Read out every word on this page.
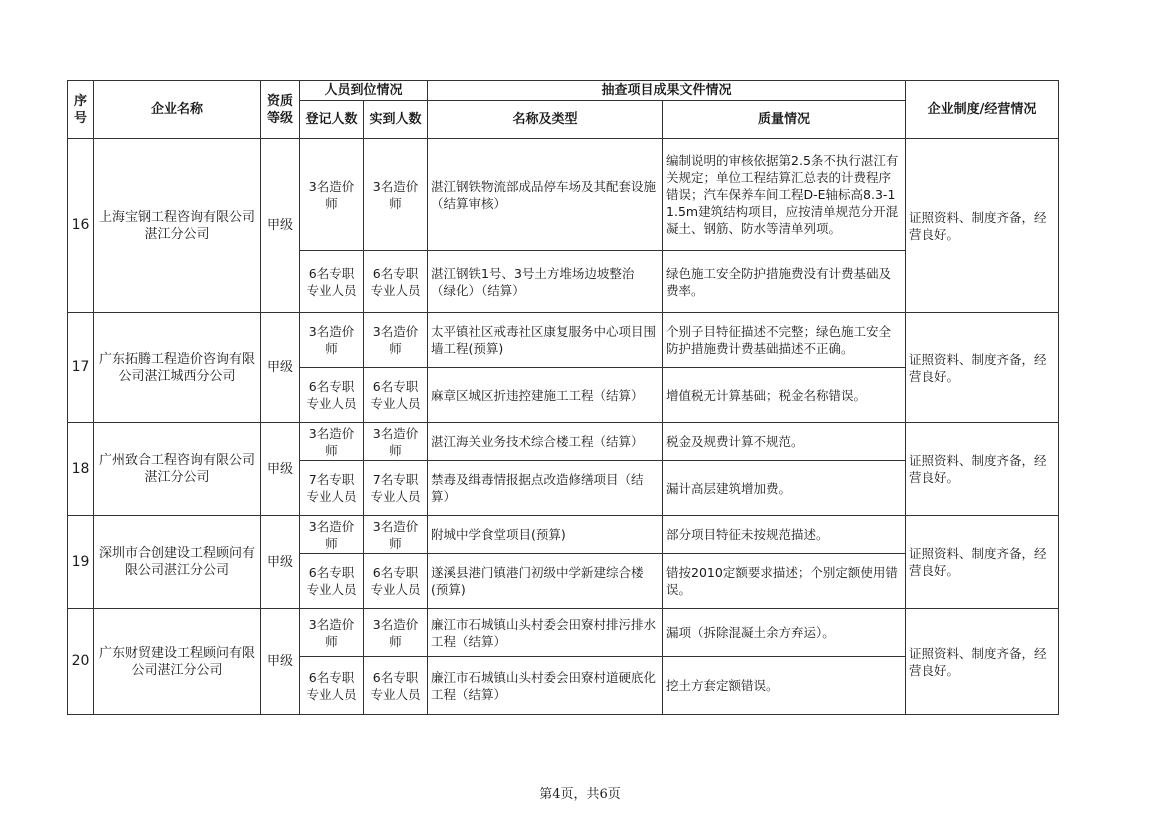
序号	企业名称	资质等级	人员到位情况		抽查项目成果文件情况		企业制度/经营情况
			登记人数	实到人数	名称及类型	质量情况	
16	上海宝钢工程咨询有限公司湛江分公司	甲级	3名造价师	3名造价师	湛江钢铁物流部成品停车场及其配套设施（结算审核）	编制说明的审核依据第2.5条不执行湛江有关规定；单位工程结算汇总表的计费程序错误；汽车保养车间工程D-E轴标高8.3-11.5m建筑结构项目，应按清单规范分开混凝土、钢筋、防水等清单列项。	证照资料、制度齐备，经营良好。
			6名专职专业人员	6名专职专业人员	湛江钢铁1号、3号土方堆场边坡整治（绿化）（结算）	绿色施工安全防护措施费没有计费基础及费率。	
17	广东拓腾工程造价咨询有限公司湛江城西分公司	甲级	3名造价师	3名造价师	太平镇社区戒毒社区康复服务中心项目围墙工程(预算)	个别子目特征描述不完整；绿色施工安全防护措施费计费基础描述不正确。	证照资料、制度齐备，经营良好。
			6名专职专业人员	6名专职专业人员	麻章区城区折违控建施工工程（结算）	增值税无计算基础；税金名称错误。	
18	广州致合工程咨询有限公司湛江分公司	甲级	3名造价师	3名造价师	湛江海关业务技术综合楼工程（结算）	税金及规费计算不规范。	证照资料、制度齐备，经营良好。
			7名专职专业人员	7名专职专业人员	禁毒及缉毒情报据点改造修缮项目（结算）	漏计高层建筑增加费。	
19	深圳市合创建设工程顾问有限公司湛江分公司	甲级	3名造价师	3名造价师	附城中学食堂项目(预算)	部分项目特征未按规范描述。	证照资料、制度齐备，经营良好。
			6名专职专业人员	6名专职专业人员	遂溪县港门镇港门初级中学新建综合楼(预算)	错按2010定额要求描述；个别定额使用错误。	
20	广东财贸建设工程顾问有限公司湛江分公司	甲级	3名造价师	3名造价师	廉江市石城镇山头村委会田寮村排污排水工程（结算）	漏项（拆除混凝土余方弃运）。	证照资料、制度齐备，经营良好。
			6名专职专业人员	6名专职专业人员	廉江市石城镇山头村委会田寮村道硬底化工程（结算）	挖土方套定额错误。	
第4页，共6页
